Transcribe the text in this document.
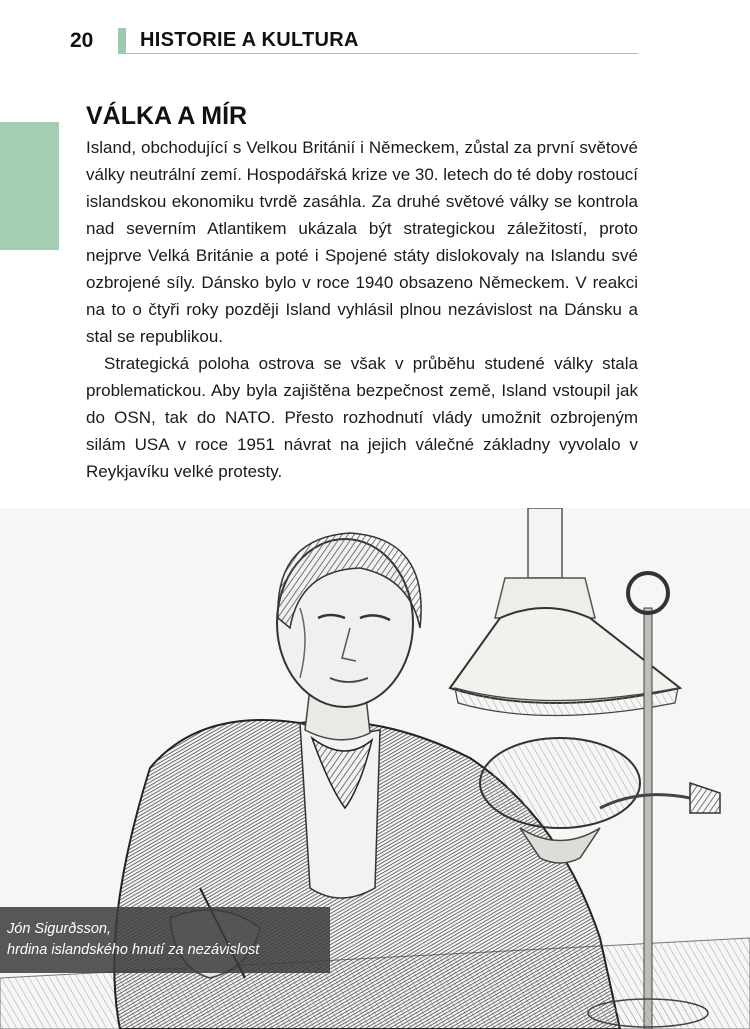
20 HISTORIE A KULTURA
VÁLKA A MÍR

Island, obchodující s Velkou Británií i Německem, zůstal za první světové války neutrální zemí. Hospodářská krize ve 30. letech do té doby rostoucí islandskou ekonomiku tvrdě zasáhla. Za druhé světové války se kontrola nad severním Atlantikem ukázala být strategickou záležitostí, proto nejprve Velká Británie a poté i Spojené státy dislokovaly na Islandu své ozbrojené síly. Dánsko bylo v roce 1940 obsazeno Německem. V reakci na to o čtyři roky později Island vyhlásil plnou nezávislost na Dánsku a stal se republikou.

Strategická poloha ostrova se však v průběhu studené války stala problematickou. Aby byla zajištěna bezpečnost země, Island vstoupil jak do OSN, tak do NATO. Přesto rozhodnutí vlády umožnit ozbrojeným silám USA v roce 1951 návrat na jejich válečné základny vyvolalo v Reykjavíku velké protesty.

Jón Sigurðsson,
hrdina islandského hnutí za nezávislost
